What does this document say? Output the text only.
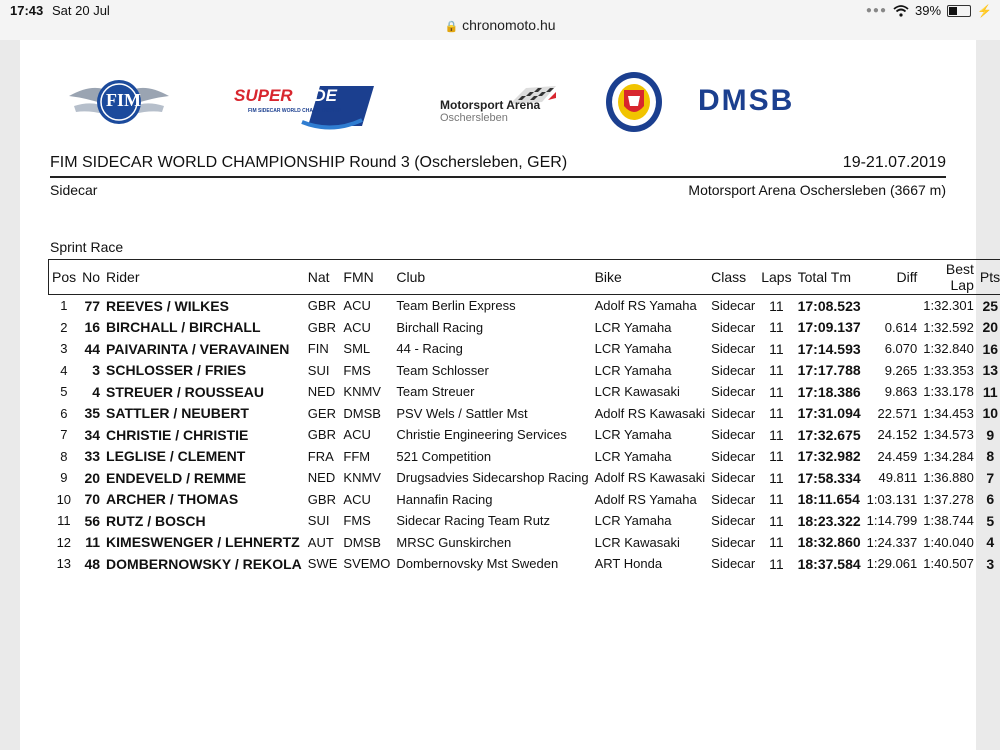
17:43 Sat 20 Jul
🔒 chronomoto.hu
●●● 39%	⚡
FIM	SUPER SIDE
FIM SIDECAR WORLD CHAMPIONSHIP	Motorsport Arena
Oschersleben
DMSB
FIM SIDECAR WORLD CHAMPIONSHIP Round 3 (Oschersleben, GER)	19-21.07.2019
Sidecar	Motorsport Arena Oschersleben (3667 m)
Sprint Race
Pos	No	Rider	Nat	FMN	Club	Bike	Class	Laps	Total Tm	Diff	Best Lap	Pts
1	77	REEVES / WILKES	GBR	ACU	Team Berlin Express	Adolf RS Yamaha	Sidecar	11	17:08.523		1:32.301	25
2	16	BIRCHALL / BIRCHALL	GBR	ACU	Birchall Racing	LCR Yamaha	Sidecar	11	17:09.137	0.614	1:32.592	20
3	44	PAIVARINTA / VERAVAINEN	FIN	SML	44 - Racing	LCR Yamaha	Sidecar	11	17:14.593	6.070	1:32.840	16
4	3	SCHLOSSER / FRIES	SUI	FMS	Team Schlosser	LCR Yamaha	Sidecar	11	17:17.788	9.265	1:33.353	13
5	4	STREUER / ROUSSEAU	NED	KNMV	Team Streuer	LCR Kawasaki	Sidecar	11	17:18.386	9.863	1:33.178	11
6	35	SATTLER / NEUBERT	GER	DMSB	PSV Wels / Sattler Mst	Adolf RS Kawasaki	Sidecar	11	17:31.094	22.571	1:34.453	10
7	34	CHRISTIE / CHRISTIE	GBR	ACU	Christie Engineering Services	LCR Yamaha	Sidecar	11	17:32.675	24.152	1:34.573	9
8	33	LEGLISE / CLEMENT	FRA	FFM	521 Competition	LCR Yamaha	Sidecar	11	17:32.982	24.459	1:34.284	8
9	20	ENDEVELD / REMME	NED	KNMV	Drugsadvies Sidecarshop Racing	Adolf RS Kawasaki	Sidecar	11	17:58.334	49.811	1:36.880	7
10	70	ARCHER / THOMAS	GBR	ACU	Hannafin Racing	Adolf RS Yamaha	Sidecar	11	18:11.654	1:03.131	1:37.278	6
11	56	RUTZ / BOSCH	SUI	FMS	Sidecar Racing Team Rutz	LCR Yamaha	Sidecar	11	18:23.322	1:14.799	1:38.744	5
12	11	KIMESWENGER / LEHNERTZ	AUT	DMSB	MRSC Gunskirchen	LCR Kawasaki	Sidecar	11	18:32.860	1:24.337	1:40.040	4
13	48	DOMBERNOWSKY / REKOLA	SWE	SVEMO	Dombernovsky Mst Sweden	ART Honda	Sidecar	11	18:37.584	1:29.061	1:40.507	3
